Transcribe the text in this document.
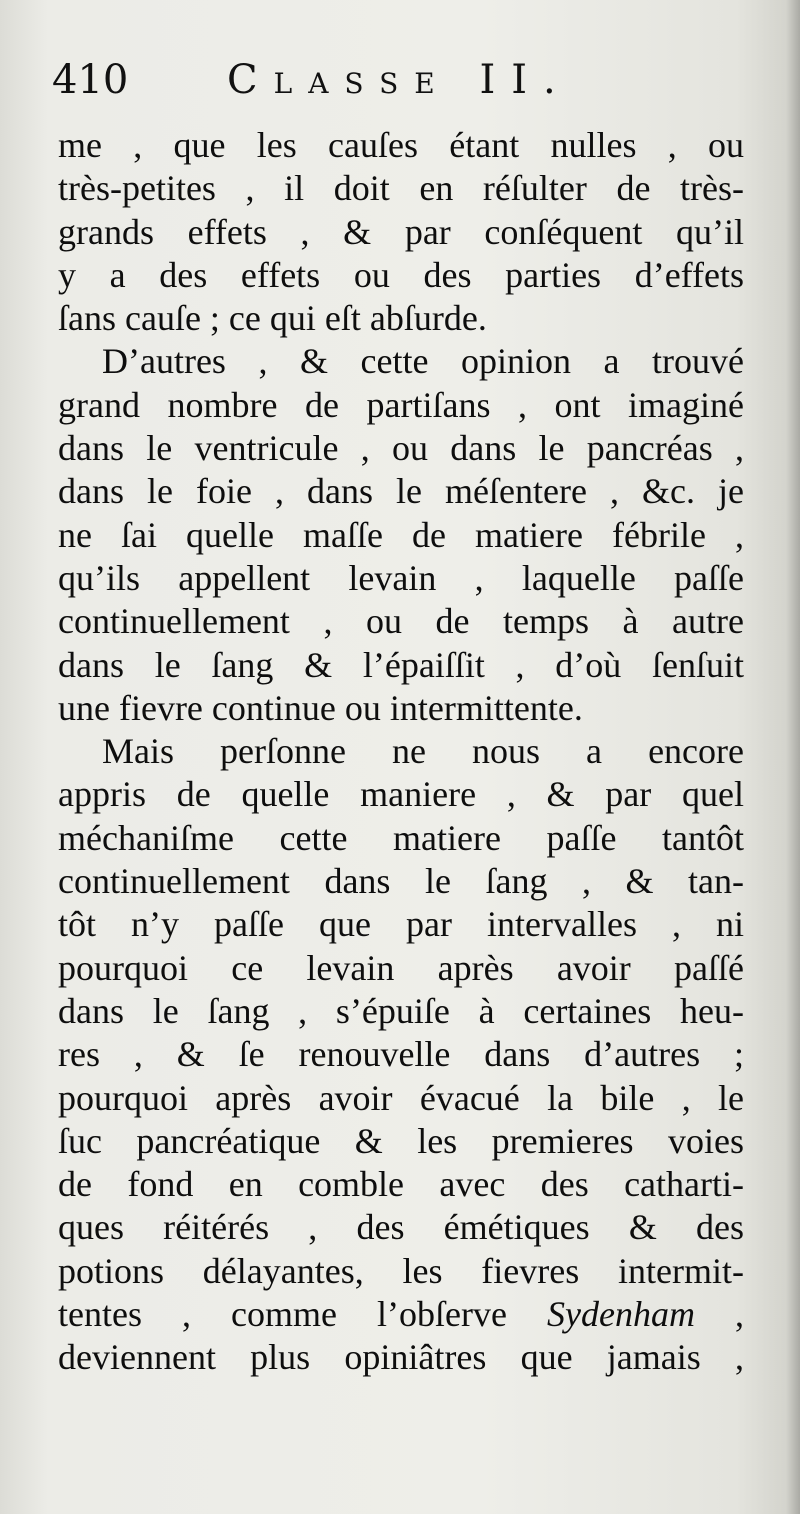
410 Classe II.
me , que les cauſes étant nulles , ou
très-petites , il doit en réſulter de très-
grands effets , & par conſéquent qu’il
y a des effets ou des parties d’effets
ſans cauſe ; ce qui eſt abſurde.
D’autres , & cette opinion a trouvé
grand nombre de partiſans , ont imaginé
dans le ventricule , ou dans le pancréas ,
dans le foie , dans le méſentere , &c. je
ne ſai quelle maſſe de matiere fébrile ,
qu’ils appellent levain , laquelle paſſe
continuellement , ou de temps à autre
dans le ſang & l’épaiſſit , d’où ſenſuit
une fievre continue ou intermittente.
Mais perſonne ne nous a encore
appris de quelle maniere , & par quel
méchaniſme cette matiere paſſe tantôt
continuellement dans le ſang , & tan-
tôt n’y paſſe que par intervalles , ni
pourquoi ce levain après avoir paſſé
dans le ſang , s’épuiſe à certaines heu-
res , & ſe renouvelle dans d’autres ;
pourquoi après avoir évacué la bile , le
ſuc pancréatique & les premieres voies
de fond en comble avec des catharti-
ques réitérés , des émétiques & des
potions délayantes, les fievres intermit-
tentes , comme l’obſerve Sydenham ,
deviennent plus opiniâtres que jamais ,
